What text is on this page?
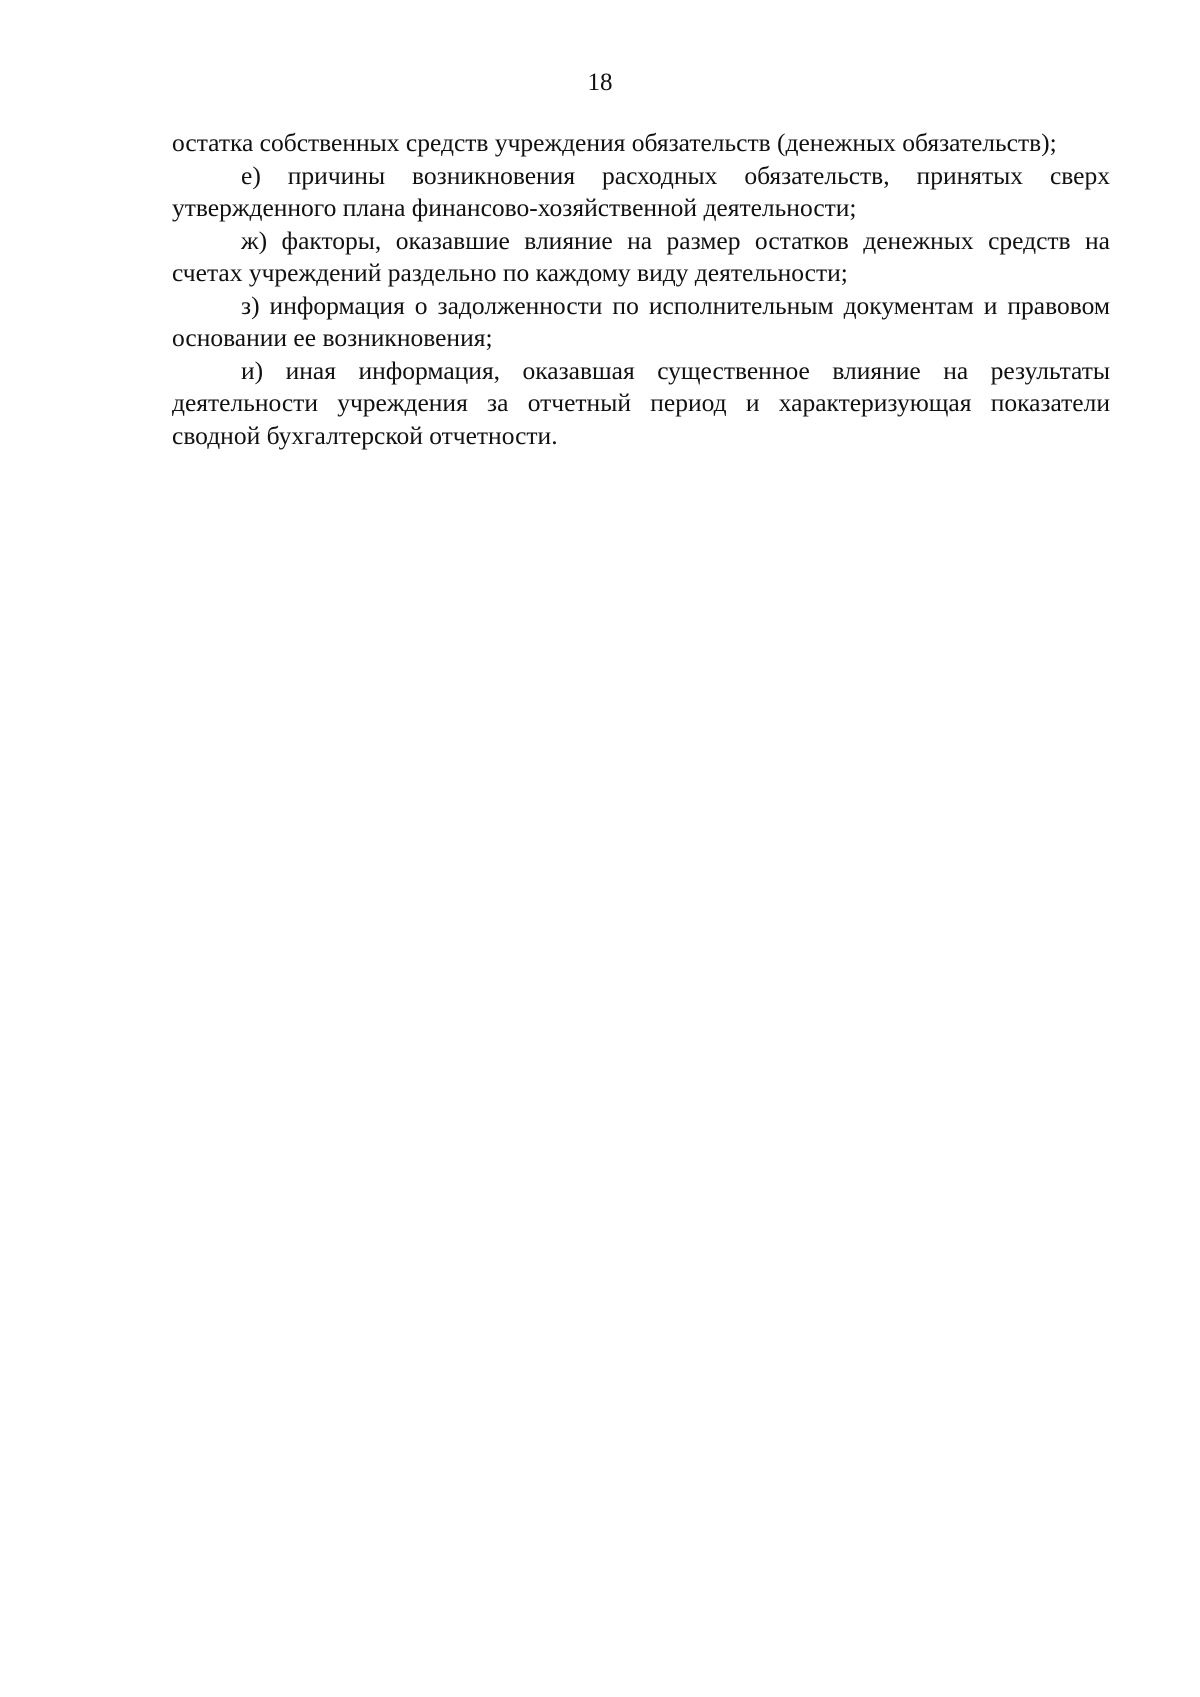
18

остатка собственных средств учреждения обязательств (денежных обязательств);

е) причины возникновения расходных обязательств, принятых сверх утвержденного плана финансово-хозяйственной деятельности;

ж) факторы, оказавшие влияние на размер остатков денежных средств на счетах учреждений раздельно по каждому виду деятельности;

з) информация о задолженности по исполнительным документам и правовом основании ее возникновения;

и) иная информация, оказавшая существенное влияние на результаты деятельности учреждения за отчетный период и характеризующая показатели сводной бухгалтерской отчетности.
